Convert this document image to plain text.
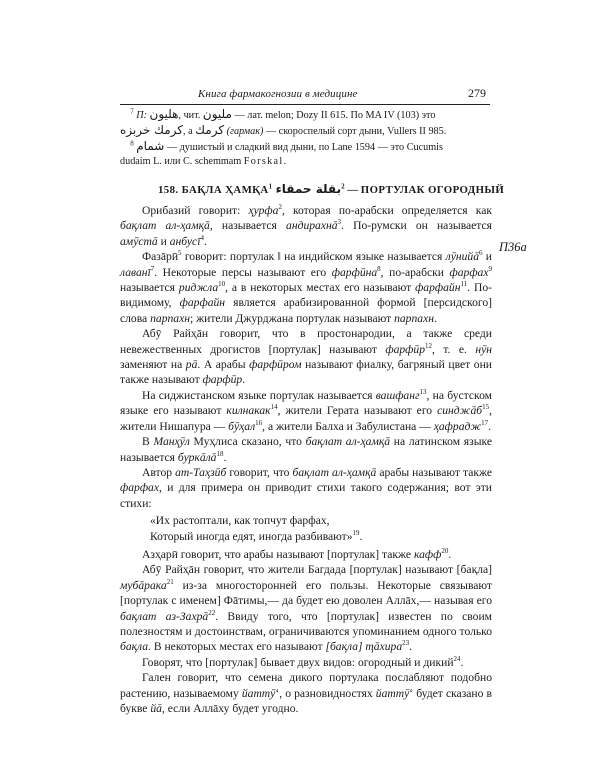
Книга фармакогнозии в медицине	279
$^7$ П: هليون, чит. مليون — лат. melon; Dozy II 615. По MA IV (103) это
كرمك خربزه, a كرمك (гармак) — скороспелый сорт дыни, Vullers II 985.
$^8$ شمام — душистый и сладкий вид дыни, по Lane 1594 — это Cucumis
dudaim L. или C. schemmam Forskal.
158. БАҚЛА ҲАМҚА$^1$ بقلة حمقاء$^2$ — ПОРТУЛАК ОГОРОДНЫЙ
П36а

Орибазий говорит: ҳурфа$^2$, которая по-арабски определяется как бақлат ал-ҳамқā, называется андирахнā$^3$. По-румски он называется амӯстā и анбусī$^4$.

Фазāрӣ$^5$ говорит: портулак ‖ на индийском языке называется лӯнийā$^6$ и лаванī$^7$. Некоторые персы называют его фарфӣна$^8$, по-арабски фарфах$^9$ называется риджла$^{10}$, а в некоторых местах его называют фарфайн$^{11}$. По-видимому, фарфайн является арабизированной формой [персидского] слова парпахн; жители Джурджана портулак называют парпахн.

Абӯ Райҳāн говорит, что в простонародии, а также среди невежественных дрогистов [портулак] называют фарфӣр$^{12}$, т. е. нӯн заменяют на рā. А арабы фарфӣром называют фиалку, багряный цвет они также называют фарфӣр.

На сиджистанском языке портулак называется вашфанг$^{13}$, на бустском языке его называют килнакак$^{14}$, жители Герата называют его синджāб$^{15}$, жители Нишапура — бӯҳал$^{16}$, а жители Балха и Забулистана — ҳафрадж$^{17}$.

В Манҳӯл Муҳлиса сказано, что бақлат ал-ҳамқā на латинском языке называется буркāлā$^{18}$.

Автор ат-Таҳзӣб говорит, что бақлат ал-ҳамқā арабы называют также фарфах, и для примера он приводит стихи такого содержания; вот эти стихи:

«Их растоптали, как топчут фарфах,
Который иногда едят, иногда разбивают»$^{19}$.

Азҳарӣ говорит, что арабы называют [портулак] также кафф$^{20}$.

Абӯ Райҳāн говорит, что жители Багдада [портулак] называют [бақла] мубāрака$^{21}$ из-за многосторонней его пользы. Некоторые связывают [портулак с именем] Фāтимы,— да будет ею доволен Аллāх,— называя его бақлат аз-Захрā$^{22}$. Ввиду того, что [портулак] известен по своим полезностям и достоинствам, ограничиваются упоминанием одного только бақла. В некоторых местах его называют [бақла] ҭāхира$^{23}$.

Говорят, что [портулак] бывает двух видов: огородный и дикий$^{24}$.

Гален говорит, что семена дикого портулака послабляют подобно растению, называемому йаттӯʻ, о разновидностях йаттӯʻ будет сказано в букве йā, если Аллāху будет угодно.
